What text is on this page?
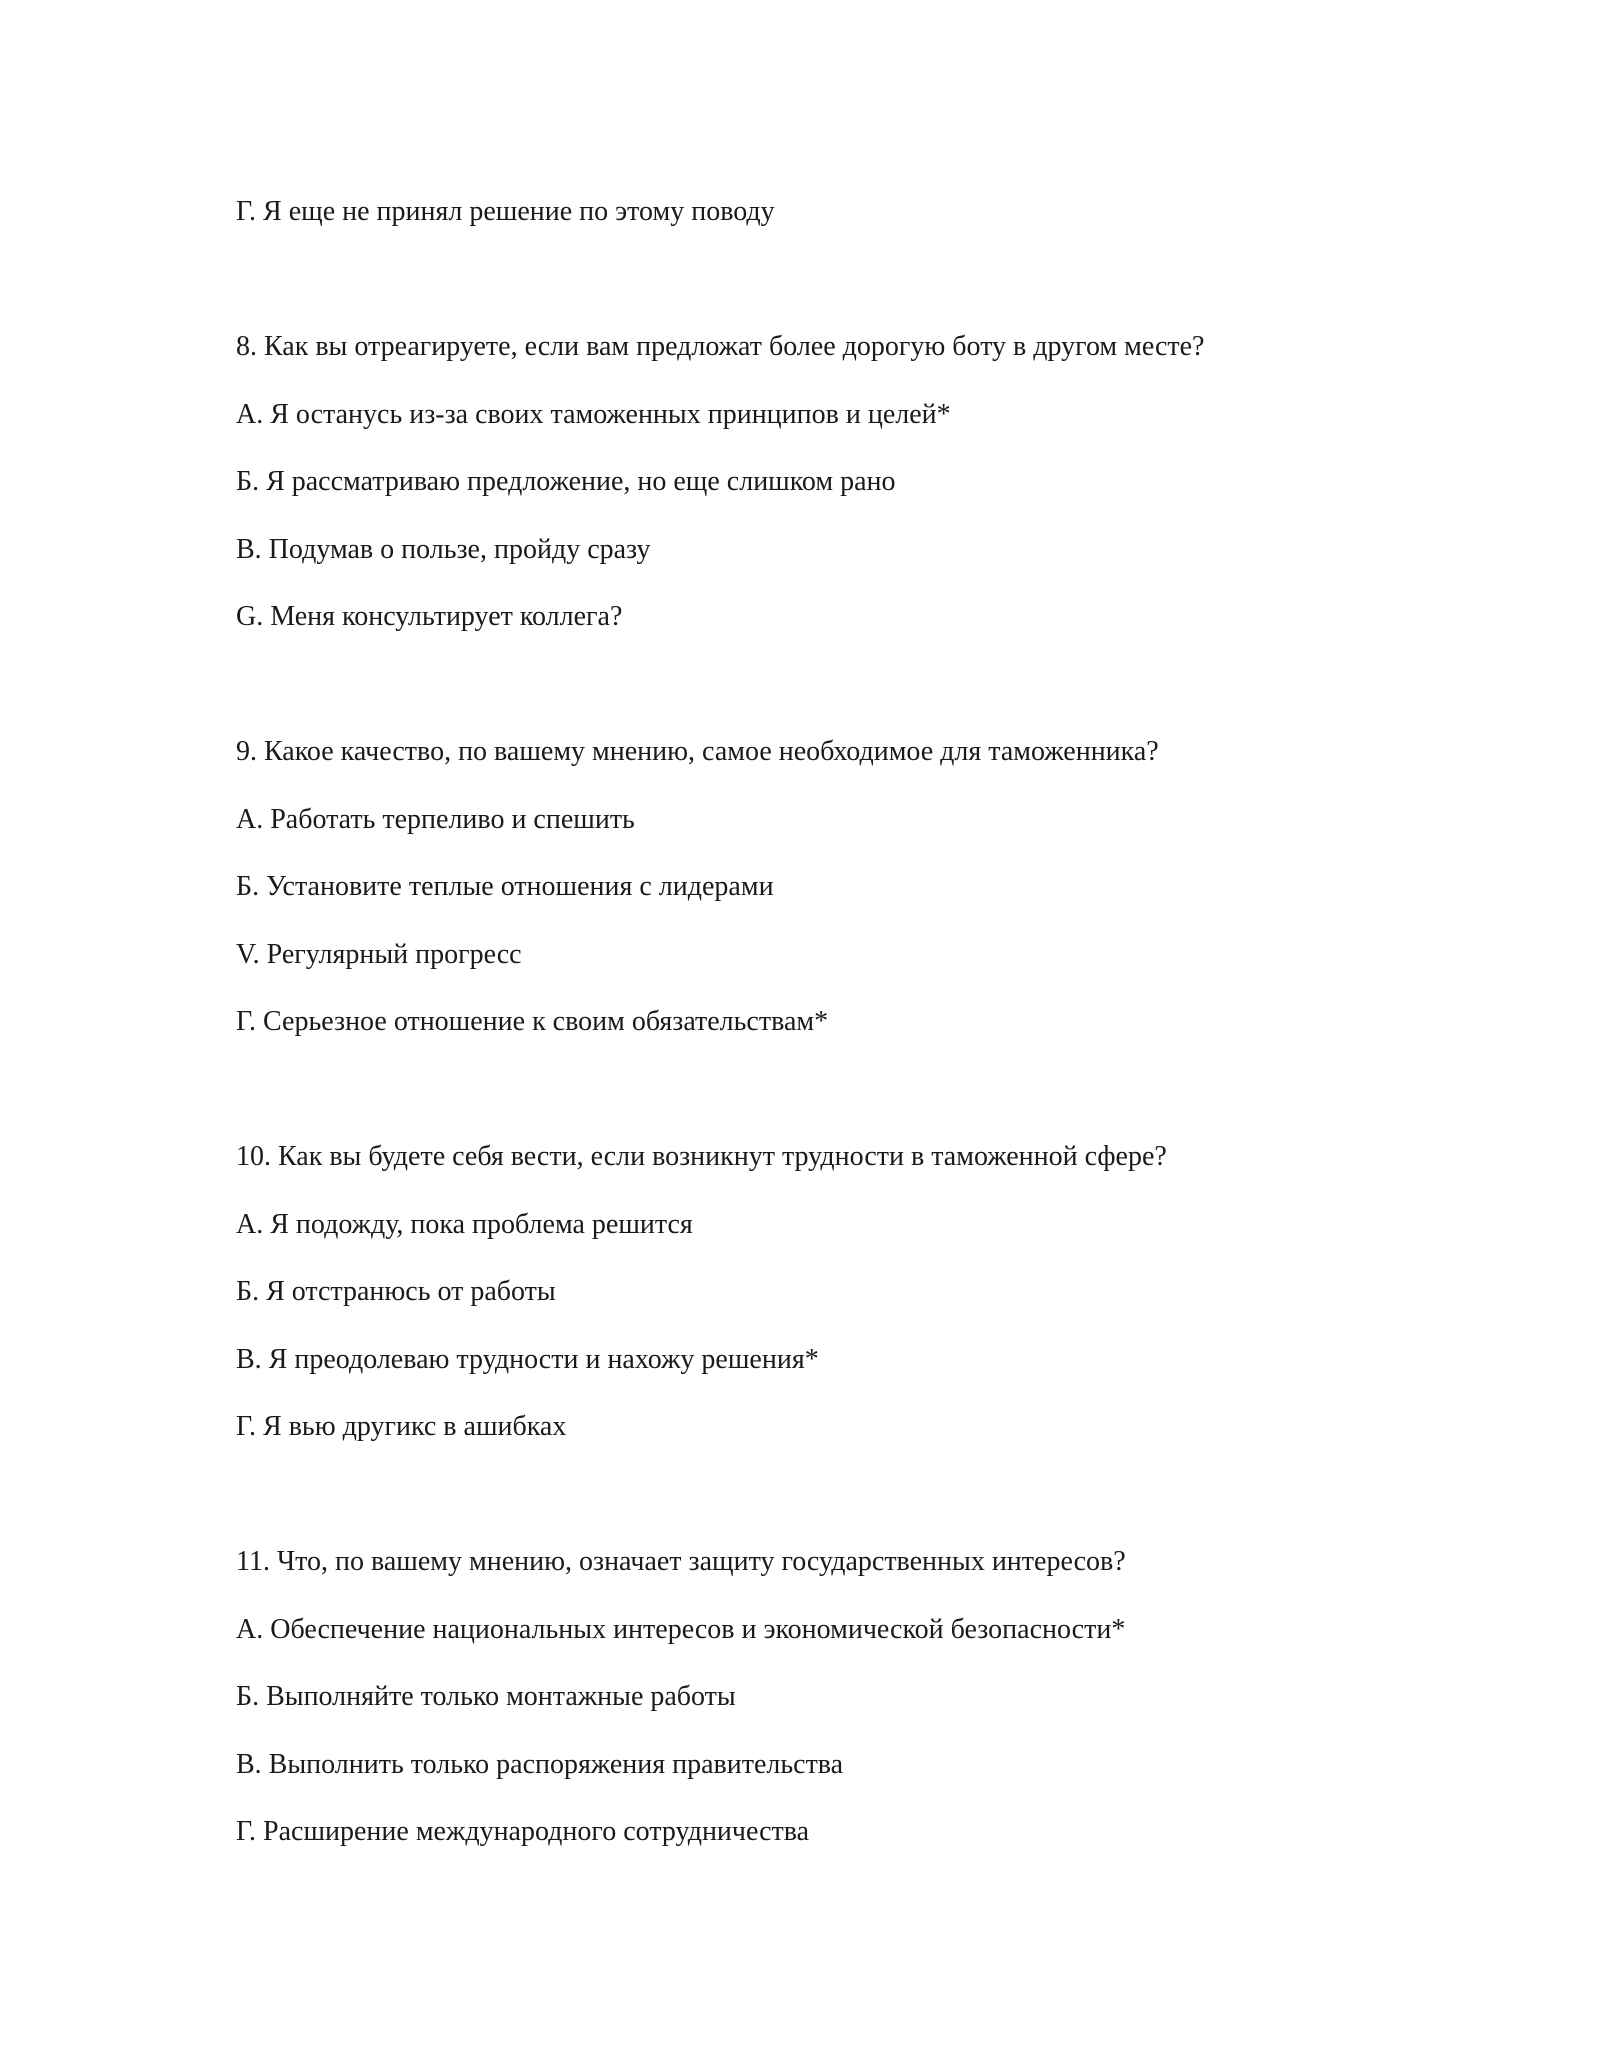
Г. Я еще не принял решение по этому поводу
8. Как вы отреагируете, если вам предложат более дорогую боту в другом месте?
А. Я останусь из-за своих таможенных принципов и целей*
Б. Я рассматриваю предложение, но еще слишком рано
В. Подумав о пользе, пройду сразу
G. Меня консультирует коллега?
9. Какое качество, по вашему мнению, самое необходимое для таможенника?
А. Работать терпеливо и спешить
Б. Установите теплые отношения с лидерами
V. Регулярный прогресс
Г. Серьезное отношение к своим обязательствам*
10. Как вы будете себя вести, если возникнут трудности в таможенной сфере?
А. Я подожду, пока проблема решится
Б. Я отстранюсь от работы
В. Я преодолеваю трудности и нахожу решения*
Г. Я вью другикс в ашибках
11. Что, по вашему мнению, означает защиту государственных интересов?
А. Обеспечение национальных интересов и экономической безопасности*
Б. Выполняйте только монтажные работы
В. Выполнить только распоряжения правительства
Г. Расширение международного сотрудничества
